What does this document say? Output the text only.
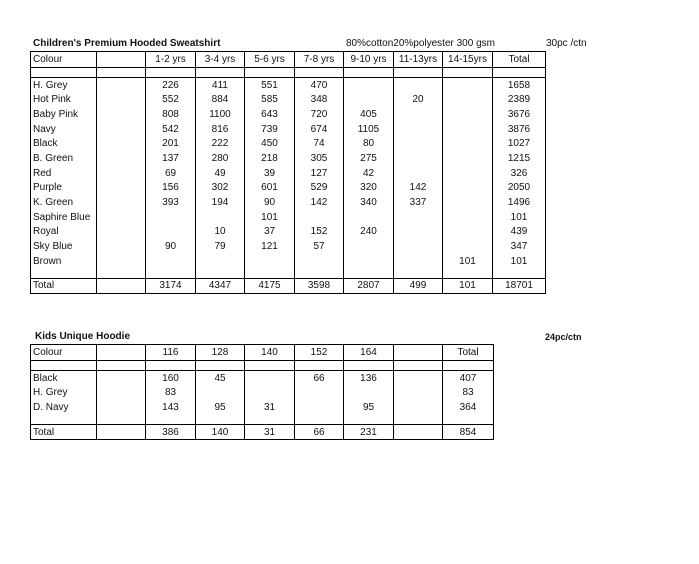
Children's Premium Hooded Sweatshirt	80%cotton20%polyester 300 gsm	30pc /ctn
Colour		1-2 yrs	3-4 yrs	5-6 yrs	7-8 yrs	9-10 yrs	11-13yrs	14-15yrs	Total

H. Grey		226	411	551	470				1658
Hot Pink		552	884	585	348		20		2389
Baby Pink		808	1100	643	720	405			3676
Navy		542	816	739	674	1105			3876
Black		201	222	450	74	80			1027
B. Green		137	280	218	305	275			1215
Red		69	49	39	127	42			326
Purple		156	302	601	529	320	142		2050
K. Green		393	194	90	142	340	337		1496
Saphire Blue				101					101
Royal			10	37	152	240			439
Sky Blue		90	79	121	57				347
Brown								101	101

Total		3174	4347	4175	3598	2807	499	101	18701
Kids Unique Hoodie	24pc/ctn
Colour		116	128	140	152	164		Total

Black		160	45		66	136		407
H. Grey		83						83
D. Navy		143	95	31		95		364

Total		386	140	31	66	231		854
